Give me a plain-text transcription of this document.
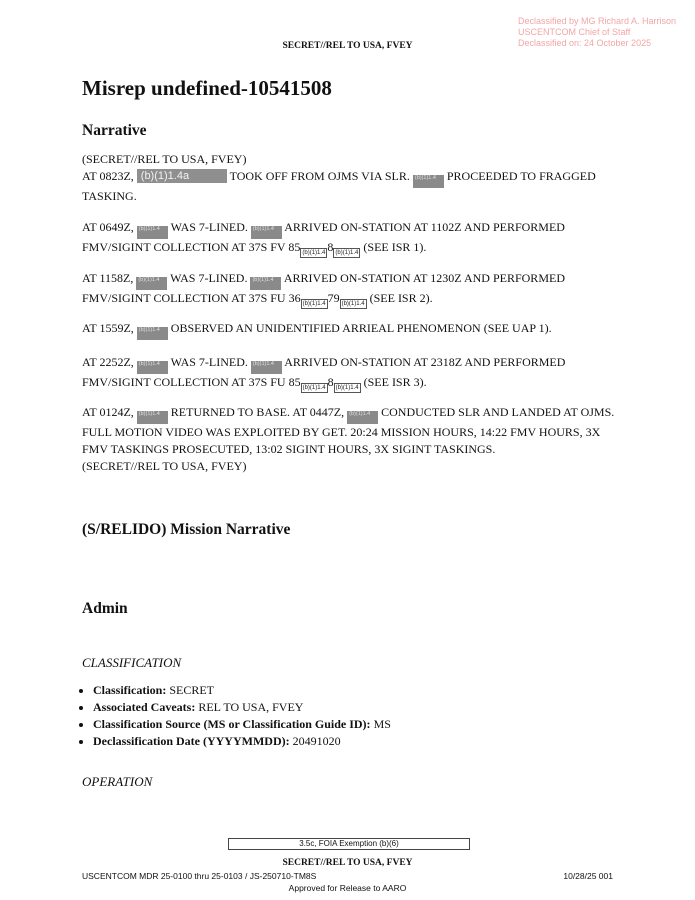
Declassified by MG Richard A. Harrison
USCENTCOM Chief of Staff
Declassified on: 24 October 2025
SECRET//REL TO USA, FVEY
Misrep undefined-10541508
Narrative

(SECRET//REL TO USA, FVEY)

AT 0823Z, (b)(1)1.4a	TOOK OFF FROM OJMS VIA SLR. (b)(1)1.4 PROCEEDED TO FRAGGED TASKING.

AT 0649Z, (b)(1)1.4 WAS 7-LINED. (b)(1)1.4 ARRIVED ON-STATION AT 1102Z AND PERFORMED FMV/SIGINT COLLECTION AT 37S FV 85 (b)(1)1.4 8 (b)(1)1.4 (SEE ISR 1).

AT 1158Z, (b)(1)1.4 WAS 7-LINED. (b)(1)1.4 ARRIVED ON-STATION AT 1230Z AND PERFORMED FMV/SIGINT COLLECTION AT 37S FU 36 (b)(1)1.4 79 (b)(1)1.4 (SEE ISR 2).

AT 1559Z, (b)(1)1.4 OBSERVED AN UNIDENTIFIED ARRIEAL PHENOMENON (SEE UAP 1).

AT 2252Z, (b)(1)1.4 WAS 7-LINED. (b)(1)1.4 ARRIVED ON-STATION AT 2318Z AND PERFORMED FMV/SIGINT COLLECTION AT 37S FU 85 (b)(1)1.4 8 (b)(1)1.4 (SEE ISR 3).

AT 0124Z, (b)(1)1.4 RETURNED TO BASE. AT 0447Z, (b)(1)1.4 CONDUCTED SLR AND LANDED AT OJMS. FULL MOTION VIDEO WAS EXPLOITED BY GET. 20:24 MISSION HOURS, 14:22 FMV HOURS, 3X FMV TASKINGS PROSECUTED, 13:02 SIGINT HOURS, 3X SIGINT TASKINGS.

(SECRET//REL TO USA, FVEY)

(S/RELIDO) Mission Narrative
Admin
CLASSIFICATION
• Classification: SECRET
• Associated Caveats: REL TO USA, FVEY
• Classification Source (MS or Classification Guide ID): MS
• Declassification Date (YYYYMMDD): 20491020
OPERATION
3.5c, FOIA Exemption (b)(6)
SECRET//REL TO USA, FVEY
USCENTCOM MDR 25-0100 thru 25-0103 / JS-250710-TM8S	10/28/25 001
Approved for Release to AARO
